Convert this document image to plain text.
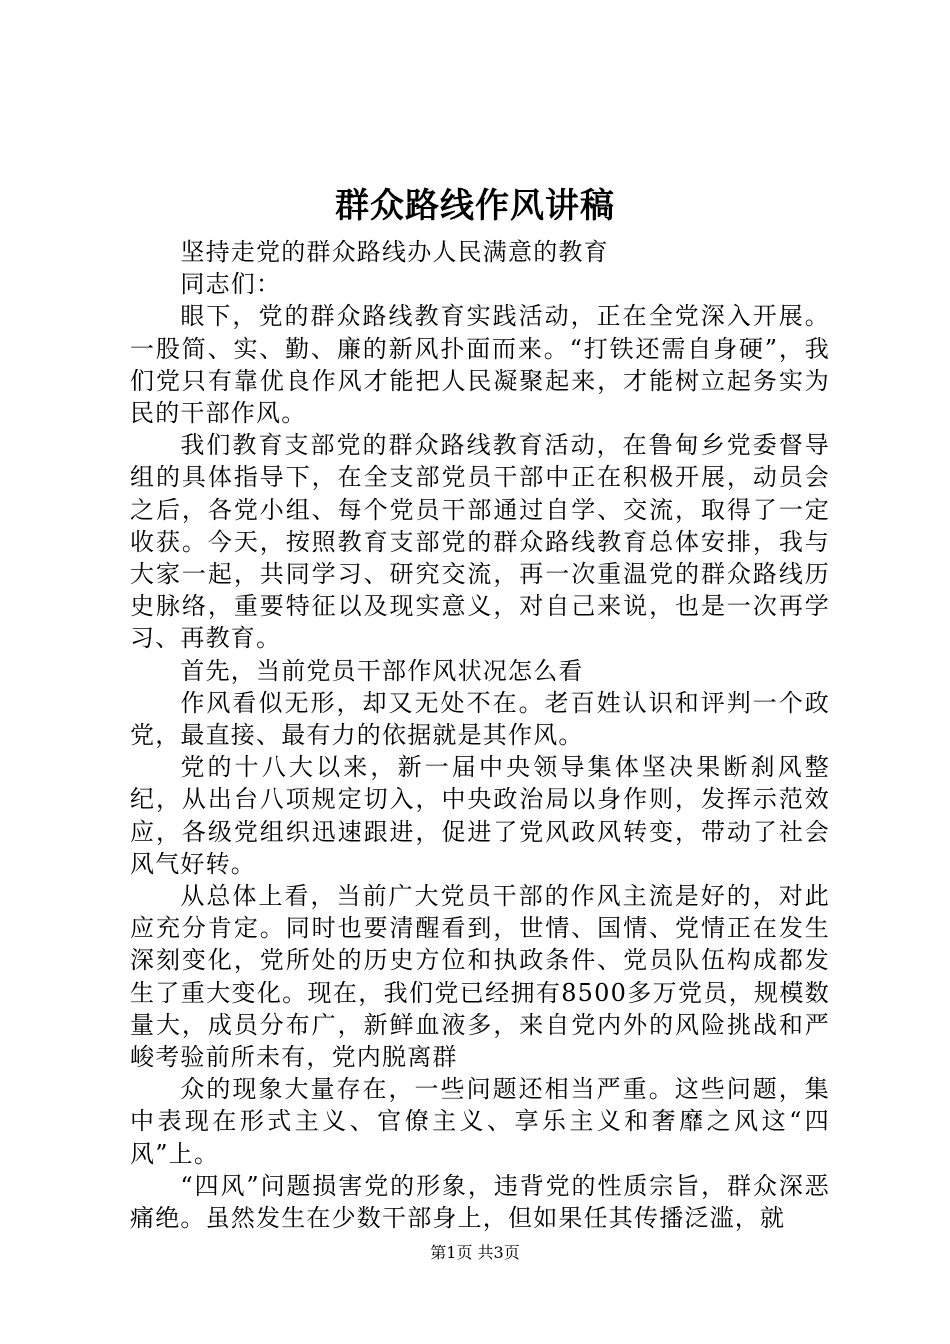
群众路线作风讲稿

坚持走党的群众路线办人民满意的教育

同志们：

眼下，党的群众路线教育实践活动，正在全党深入开展。一股简、实、勤、廉的新风扑面而来。“打铁还需自身硬”，我们党只有靠优良作风才能把人民凝聚起来，才能树立起务实为民的干部作风。

我们教育支部党的群众路线教育活动，在鲁甸乡党委督导组的具体指导下，在全支部党员干部中正在积极开展，动员会之后，各党小组、每个党员干部通过自学、交流，取得了一定收获。今天，按照教育支部党的群众路线教育总体安排，我与大家一起，共同学习、研究交流，再一次重温党的群众路线历史脉络，重要特征以及现实意义，对自己来说，也是一次再学习、再教育。

首先，当前党员干部作风状况怎么看

作风看似无形，却又无处不在。老百姓认识和评判一个政党，最直接、最有力的依据就是其作风。

党的十八大以来，新一届中央领导集体坚决果断刹风整纪，从出台八项规定切入，中央政治局以身作则，发挥示范效应，各级党组织迅速跟进，促进了党风政风转变，带动了社会风气好转。

从总体上看，当前广大党员干部的作风主流是好的，对此应充分肯定。同时也要清醒看到，世情、国情、党情正在发生深刻变化，党所处的历史方位和执政条件、党员队伍构成都发生了重大变化。现在，我们党已经拥有8500多万党员，规模数量大，成员分布广，新鲜血液多，来自党内外的风险挑战和严峻考验前所未有，党内脱离群

众的现象大量存在，一些问题还相当严重。这些问题，集中表现在形式主义、官僚主义、享乐主义和奢靡之风这“四风”上。

“四风”问题损害党的形象，违背党的性质宗旨，群众深恶痛绝。虽然发生在少数干部身上，但如果任其传播泛滥，就

第1页 共3页
